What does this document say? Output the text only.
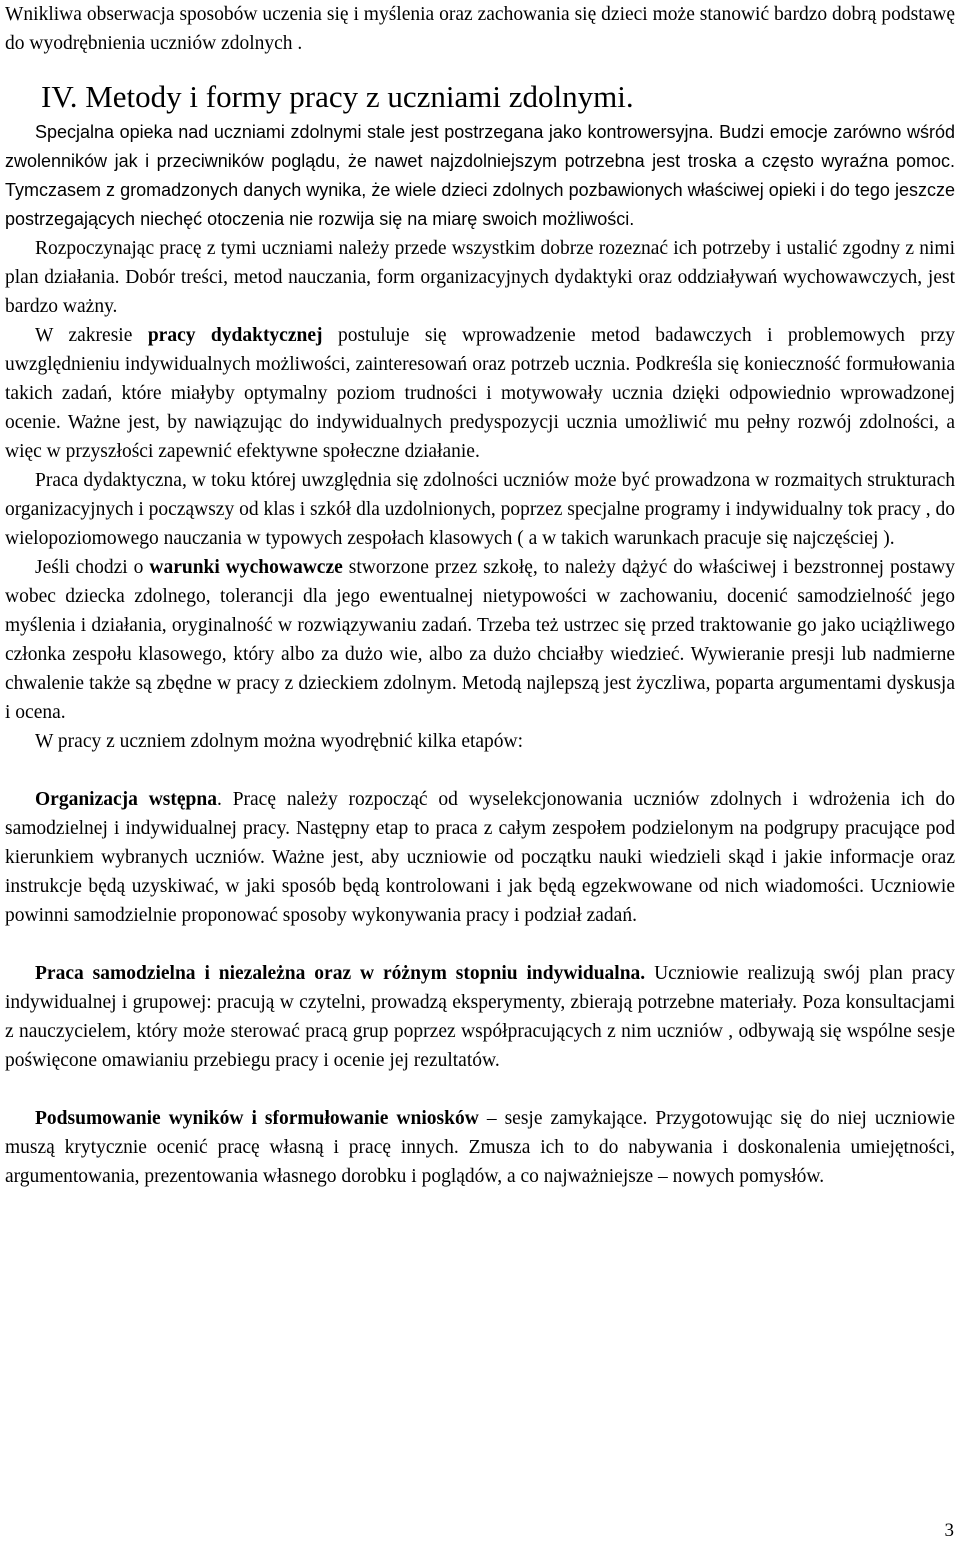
Wnikliwa obserwacja sposobów uczenia się i myślenia oraz zachowania się dzieci może stanowić bardzo dobrą podstawę do wyodrębnienia uczniów zdolnych .

IV. Metody i formy pracy z uczniami zdolnymi.

Specjalna opieka nad uczniami zdolnymi stale jest postrzegana jako kontrowersyjna. Budzi emocje zarówno wśród zwolenników jak i przeciwników poglądu, że nawet najzdolniejszym potrzebna jest troska a często wyraźna pomoc. Tymczasem z gromadzonych danych wynika, że wiele dzieci zdolnych pozbawionych właściwej opieki i do tego jeszcze postrzegających niechęć otoczenia nie rozwija się na miarę swoich możliwości.

Rozpoczynając pracę z tymi uczniami należy przede wszystkim dobrze rozeznać ich potrzeby i ustalić zgodny z nimi plan działania. Dobór treści, metod nauczania, form organizacyjnych dydaktyki oraz oddziaływań wychowawczych, jest bardzo ważny.

W zakresie pracy dydaktycznej postuluje się wprowadzenie metod badawczych i problemowych przy uwzględnieniu indywidualnych możliwości, zainteresowań oraz potrzeb ucznia. Podkreśla się konieczność formułowania takich zadań, które miałyby optymalny poziom trudności i motywowały ucznia dzięki odpowiednio wprowadzonej ocenie. Ważne jest, by nawiązując do indywidualnych predyspozycji ucznia umożliwić mu pełny rozwój zdolności, a więc w przyszłości zapewnić efektywne społeczne działanie.

Praca dydaktyczna, w toku której uwzględnia się zdolności uczniów może być prowadzona w rozmaitych strukturach organizacyjnych i począwszy od klas i szkół dla uzdolnionych, poprzez specjalne programy i indywidualny tok pracy , do wielopoziomowego nauczania w typowych zespołach klasowych ( a w takich warunkach pracuje się najczęściej ).

Jeśli chodzi o warunki wychowawcze stworzone przez szkołę, to należy dążyć do właściwej i bezstronnej postawy wobec dziecka zdolnego, tolerancji dla jego ewentualnej nietypowości w zachowaniu, docenić samodzielność jego myślenia i działania, oryginalność w rozwiązywaniu zadań. Trzeba też ustrzec się przed traktowanie go jako uciążliwego członka zespołu klasowego, który albo za dużo wie, albo za dużo chciałby wiedzieć. Wywieranie presji lub nadmierne chwalenie także są zbędne w pracy z dzieckiem zdolnym. Metodą najlepszą jest życzliwa, poparta argumentami dyskusja i ocena.

W pracy z uczniem zdolnym można wyodrębnić kilka etapów:

Organizacja wstępna. Pracę należy rozpocząć od wyselekcjonowania uczniów zdolnych i wdrożenia ich do samodzielnej i indywidualnej pracy. Następny etap to praca z całym zespołem podzielonym na podgrupy pracujące pod kierunkiem wybranych uczniów. Ważne jest, aby uczniowie od początku nauki wiedzieli skąd i jakie informacje oraz instrukcje będą uzyskiwać, w jaki sposób będą kontrolowani i jak będą egzekwowane od nich wiadomości. Uczniowie powinni samodzielnie proponować sposoby wykonywania pracy i podział zadań.

Praca samodzielna i niezależna oraz w różnym stopniu indywidualna. Uczniowie realizują swój plan pracy indywidualnej i grupowej: pracują w czytelni, prowadzą eksperymenty, zbierają potrzebne materiały. Poza konsultacjami z nauczycielem, który może sterować pracą grup poprzez współpracujących z nim uczniów , odbywają się wspólne sesje poświęcone omawianiu przebiegu pracy i ocenie jej rezultatów.

Podsumowanie wyników i sformułowanie wniosków – sesje zamykające. Przygotowując się do niej uczniowie muszą krytycznie ocenić pracę własną i pracę innych. Zmusza ich to do nabywania i doskonalenia umiejętności, argumentowania, prezentowania własnego dorobku i poglądów, a co najważniejsze – nowych pomysłów.

3
